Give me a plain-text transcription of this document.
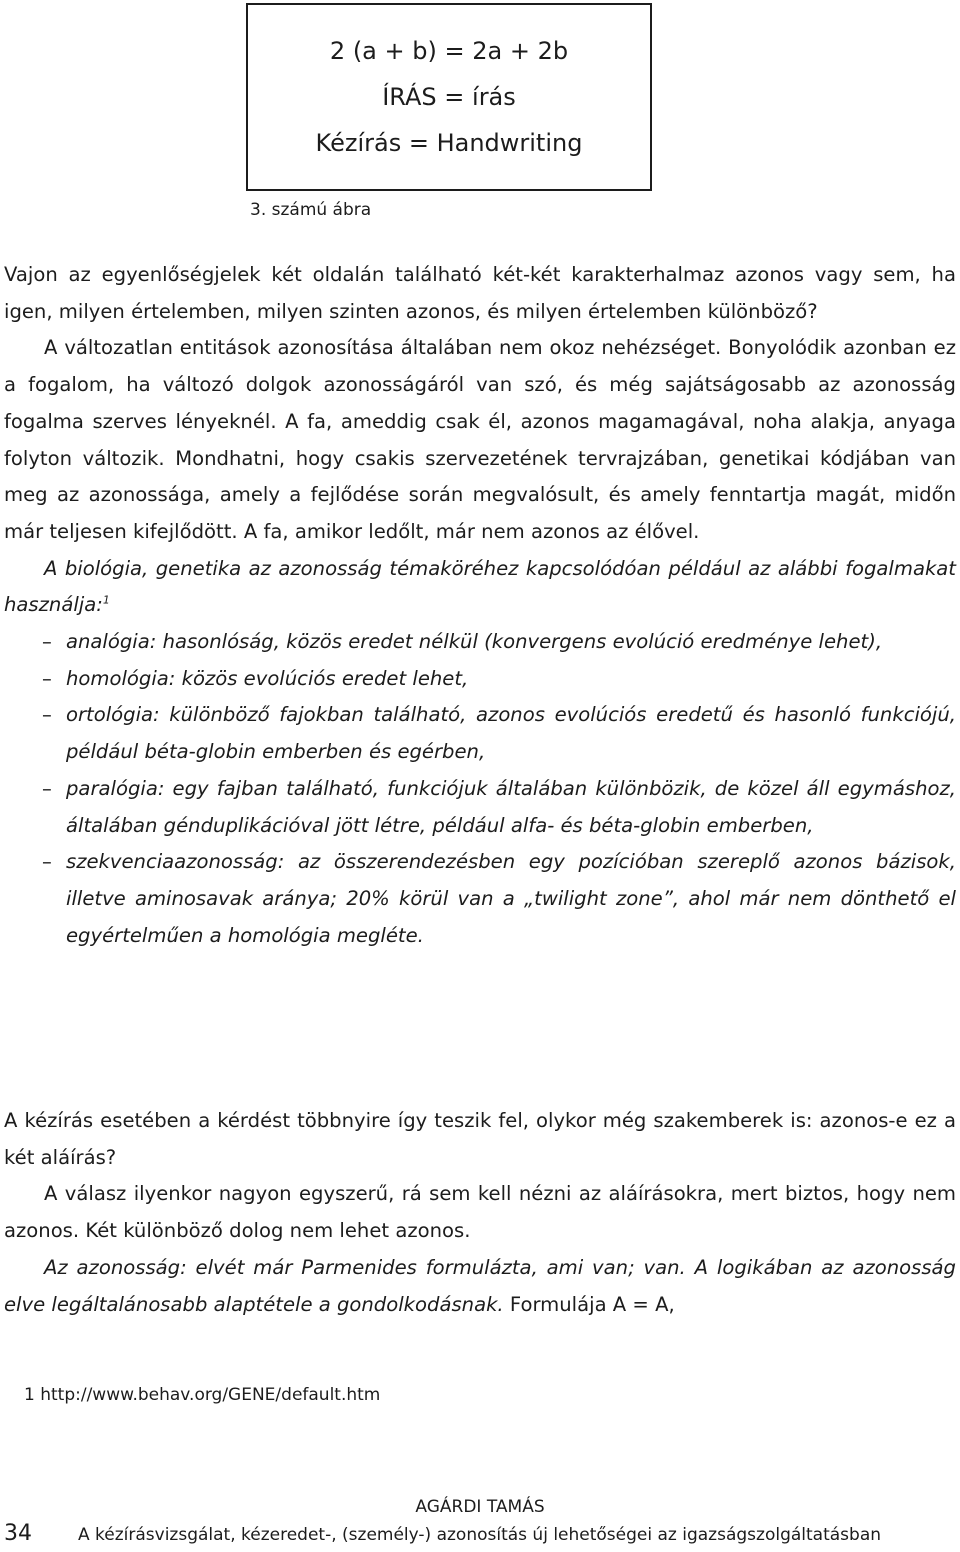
2 (a + b) = 2a + 2b
ÍRÁS = írás
Kézírás = Handwriting
3. számú ábra

Vajon az egyenlőségjelek két oldalán található két-két karakterhalmaz azonos vagy sem, ha igen, milyen értelemben, milyen szinten azonos, és milyen értelemben különböző?

A változatlan entitások azonosítása általában nem okoz nehézséget. Bonyolódik azonban ez a fogalom, ha változó dolgok azonosságáról van szó, és még sajátságosabb az azonosság fogalma szerves lényeknél. A fa, ameddig csak él, azonos magamagával, noha alakja, anyaga folyton változik. Mondhatni, hogy csakis szervezetének tervrajzában, genetikai kódjában van meg az azonossága, amely a fejlődése során megvalósult, és amely fenntartja magát, midőn már teljesen kifejlődött. A fa, amikor ledőlt, már nem azonos az élővel.

A biológia, genetika az azonosság témaköréhez kapcsolódóan például az alábbi fogalmakat használja:$^1$

– analógia: hasonlóság, közös eredet nélkül (konvergens evolúció eredménye lehet),
– homológia: közös evolúciós eredet lehet,
– ortológia: különböző fajokban található, azonos evolúciós eredetű és hasonló funkciójú, például béta-globin emberben és egérben,
– paralógia: egy fajban található, funkciójuk általában különbözik, de közel áll egymáshoz, általában génduplikációval jött létre, például alfa- és béta-globin emberben,
– szekvenciaazonosság: az összerendezésben egy pozícióban szereplő azonos bázisok, illetve aminosavak aránya; 20% körül van a „twilight zone”, ahol már nem dönthető el egyértelműen a homológia megléte.

A kézírás esetében a kérdést többnyire így teszik fel, olykor még szakemberek is: azonos-e ez a két aláírás?

A válasz ilyenkor nagyon egyszerű, rá sem kell nézni az aláírásokra, mert biztos, hogy nem azonos. Két különböző dolog nem lehet azonos.

Az azonosság: elvét már Parmenides formulázta, ami van; van. A logikában az azonosság elve legáltalánosabb alaptétele a gondolkodásnak. Formulája A = A,

1 http://www.behav.org/GENE/default.htm
AGÁRDI TAMÁS
34	A kézírásvizsgálat, kézeredet-, (személy-) azonosítás új lehetőségei az igazságszolgáltatásban
